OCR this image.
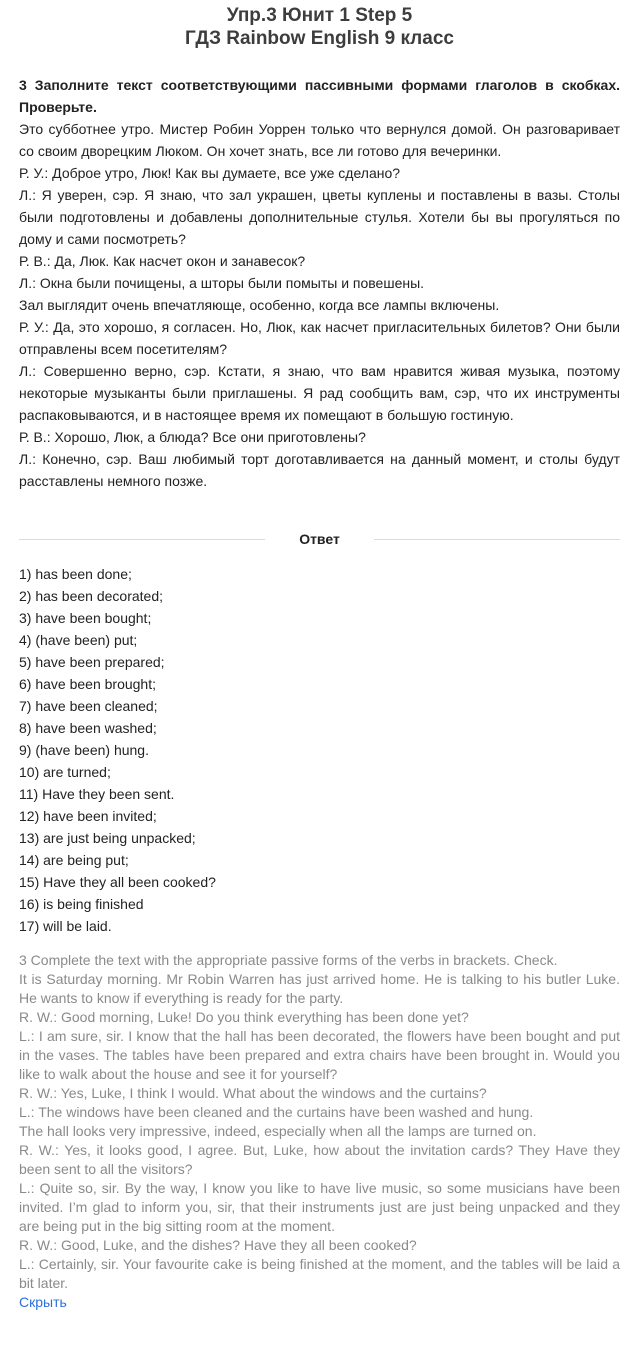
Упр.3 Юнит 1 Step 5
ГДЗ Rainbow English 9 класс

3 Заполните текст соответствующими пассивными формами глаголов в скобках. Проверьте.

Это субботнее утро. Мистер Робин Уоррен только что вернулся домой. Он разговаривает со своим дворецким Люком. Он хочет знать, все ли готово для вечеринки.

Р. У.: Доброе утро, Люк! Как вы думаете, все уже сделано?

Л.: Я уверен, сэр. Я знаю, что зал украшен, цветы куплены и поставлены в вазы. Столы были подготовлены и добавлены дополнительные стулья. Хотели бы вы прогуляться по дому и сами посмотреть?

Р. В.: Да, Люк. Как насчет окон и занавесок?

Л.: Окна были почищены, а шторы были помыты и повешены.

Зал выглядит очень впечатляюще, особенно, когда все лампы включены.

Р. У.: Да, это хорошо, я согласен. Но, Люк, как насчет пригласительных билетов? Они были отправлены всем посетителям?

Л.: Совершенно верно, сэр. Кстати, я знаю, что вам нравится живая музыка, поэтому некоторые музыканты были приглашены. Я рад сообщить вам, сэр, что их инструменты распаковываются, и в настоящее время их помещают в большую гостиную.

Р. В.: Хорошо, Люк, а блюда? Все они приготовлены?

Л.: Конечно, сэр. Ваш любимый торт доготавливается на данный момент, и столы будут расставлены немного позже.

Ответ
1) has been done;
2) has been decorated;
3) have been bought;
4) (have been) put;
5) have been prepared;
6) have been brought;
7) have been cleaned;
8) have been washed;
9) (have been) hung.
10) are turned;
11) Have they been sent.
12) have been invited;
13) are just being unpacked;
14) are being put;
15) Have they all been cooked?
16) is being finished
17) will be laid.

3 Complete the text with the appropriate passive forms of the verbs in brackets. Check.

It is Saturday morning. Mr Robin Warren has just arrived home. He is talking to his butler Luke. He wants to know if everything is ready for the party.

R. W.: Good morning, Luke! Do you think everything has been done yet?

L.: I am sure, sir. I know that the hall has been decorated, the flowers have been bought and put in the vases. The tables have been prepared and extra chairs have been brought in. Would you like to walk about the house and see it for yourself?

R. W.: Yes, Luke, I think I would. What about the windows and the curtains?

L.: The windows have been cleaned and the curtains have been washed and hung.

The hall looks very impressive, indeed, especially when all the lamps are turned on.

R. W.: Yes, it looks good, I agree. But, Luke, how about the invitation cards? They Have they been sent to all the visitors?

L.: Quite so, sir. By the way, I know you like to have live music, so some musicians have been invited. I’m glad to inform you, sir, that their instruments just are just being unpacked and they are being put in the big sitting room at the moment.

R. W.: Good, Luke, and the dishes? Have they all been cooked?

L.: Certainly, sir. Your favourite cake is being finished at the moment, and the tables will be laid a bit later.

Скрыть
